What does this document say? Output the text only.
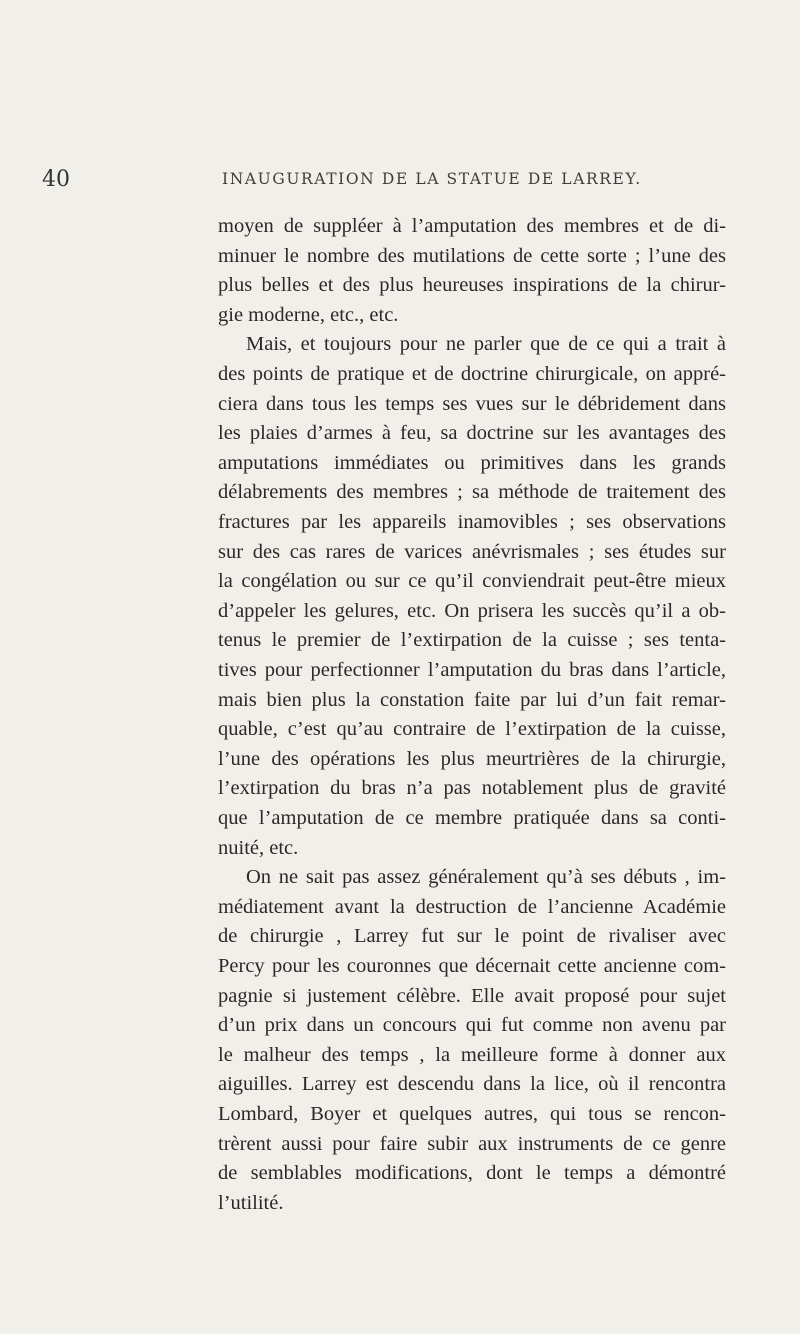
40	INAUGURATION DE LA STATUE DE LARREY.
moyen de suppléer à l’amputation des membres et de di-
minuer le nombre des mutilations de cette sorte ; l’une des
plus belles et des plus heureuses inspirations de la chirur-
gie moderne, etc., etc.
Mais, et toujours pour ne parler que de ce qui a trait à
des points de pratique et de doctrine chirurgicale, on appré-
ciera dans tous les temps ses vues sur le débridement dans
les plaies d’armes à feu, sa doctrine sur les avantages des
amputations immédiates ou primitives dans les grands
délabrements des membres ; sa méthode de traitement des
fractures par les appareils inamovibles ; ses observations
sur des cas rares de varices anévrismales ; ses études sur
la congélation ou sur ce qu’il conviendrait peut-être mieux
d’appeler les gelures, etc. On prisera les succès qu’il a ob-
tenus le premier de l’extirpation de la cuisse ; ses tenta-
tives pour perfectionner l’amputation du bras dans l’article,
mais bien plus la constation faite par lui d’un fait remar-
quable, c’est qu’au contraire de l’extirpation de la cuisse,
l’une des opérations les plus meurtrières de la chirurgie,
l’extirpation du bras n’a pas notablement plus de gravité
que l’amputation de ce membre pratiquée dans sa conti-
nuité, etc.
On ne sait pas assez généralement qu’à ses débuts , im-
médiatement avant la destruction de l’ancienne Académie
de chirurgie , Larrey fut sur le point de rivaliser avec
Percy pour les couronnes que décernait cette ancienne com-
pagnie si justement célèbre. Elle avait proposé pour sujet
d’un prix dans un concours qui fut comme non avenu par
le malheur des temps , la meilleure forme à donner aux
aiguilles. Larrey est descendu dans la lice, où il rencontra
Lombard, Boyer et quelques autres, qui tous se rencon-
trèrent aussi pour faire subir aux instruments de ce genre
de semblables modifications, dont le temps a démontré
l’utilité.
